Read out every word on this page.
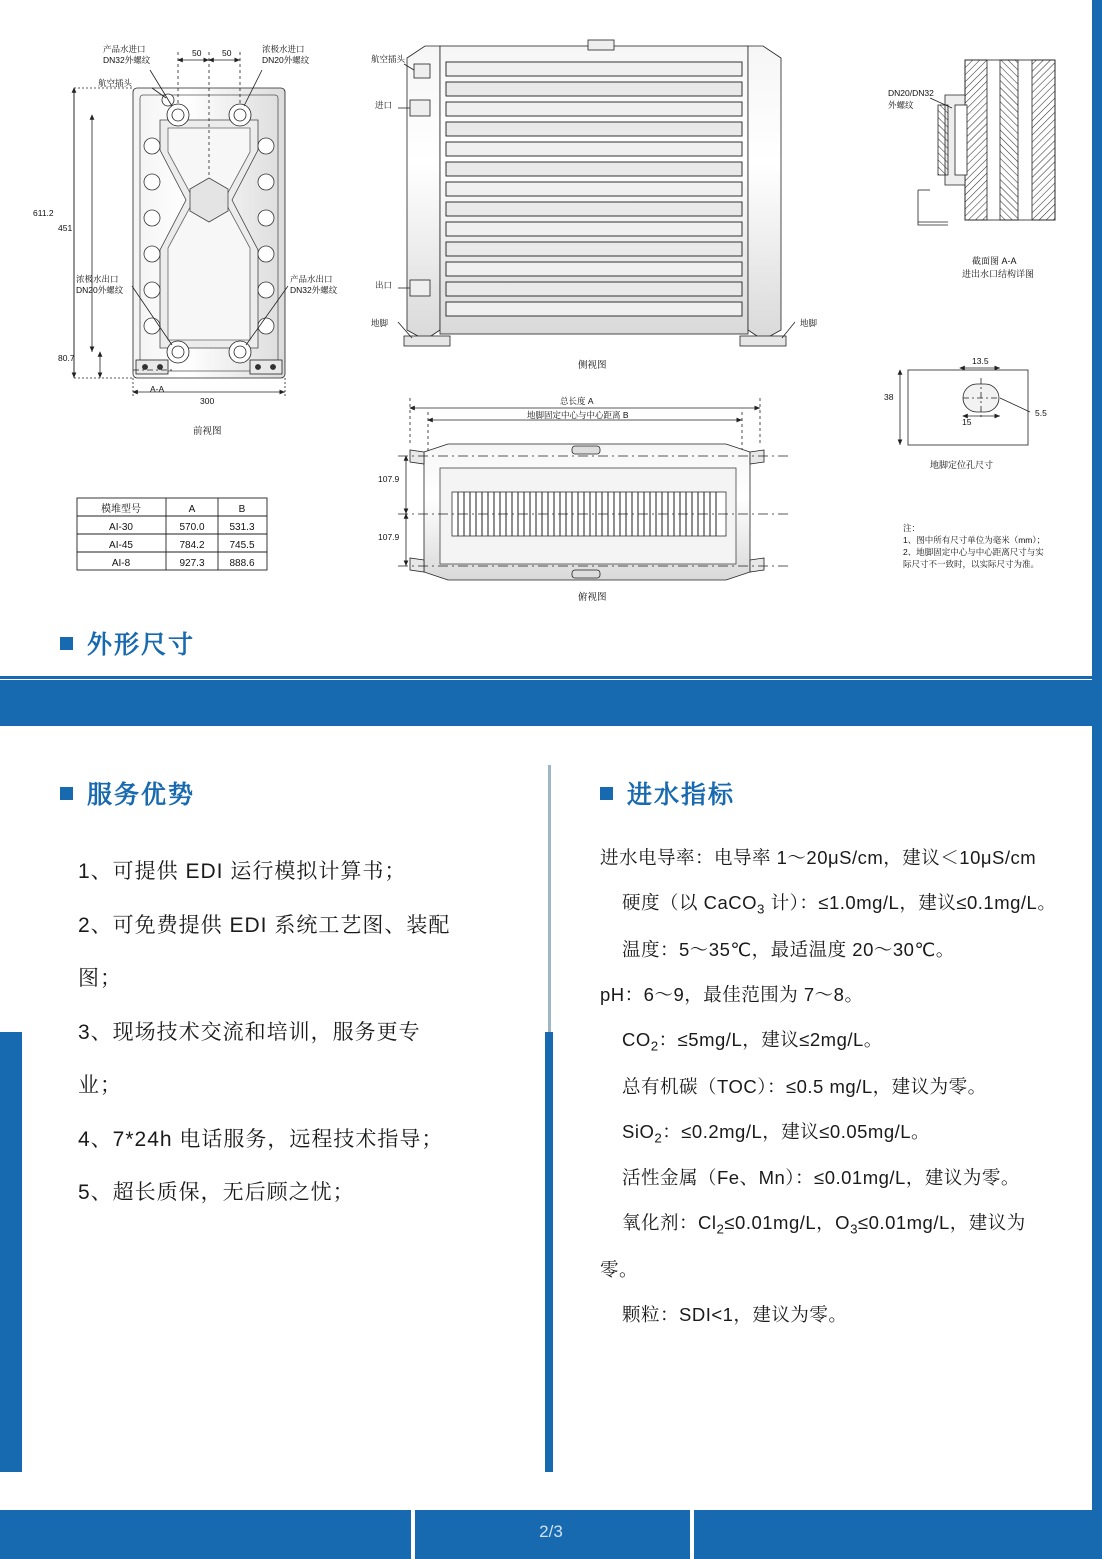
产品水进口
DN32外螺纹
浓极水进口
DN20外螺纹
航空插头
浓极水出口
DN20外螺纹
产品水出口
DN32外螺纹
50 50
611.2
451
80.7
300
A-A
前视图
航空插头
进口
出口
地脚	地脚
侧视图
总长度 A
地脚固定中心与中心距离 B
107.9
107.9
俯视图
DN20/DN32
外螺纹
截面图 A-A
进出水口结构详图
13.5
15
5.5
38
地脚定位孔尺寸
注：
1、图中所有尺寸单位为毫米（mm）；
2、地脚固定中心与中心距离尺寸与实
际尺寸不一致时，以实际尺寸为准。
模堆型号	A	B
AI-30	570.0 531.3
AI-45	784.2 745.5
AI-8	927.3 888.6
外形尺寸
服务优势	进水指标

1、可提供 EDI 运行模拟计算书；

2、可免费提供 EDI 系统工艺图、装配

图；

3、现场技术交流和培训，服务更专

业；

4、7*24h 电话服务，远程技术指导；

5、超长质保，无后顾之忧；

进水电导率：电导率 1～20μS/cm，建议＜10μS/cm

硬度（以 CaCO$_3$ 计）：≤1.0mg/L，建议≤0.1mg/L。

温度：5～35℃，最适温度 20～30℃。

pH：6～9，最佳范围为 7～8。

$CO_2$：≤5mg/L，建议≤2mg/L。

总有机碳（TOC）：≤0.5 mg/L，建议为零。

SiO$_2$：≤0.2mg/L，建议≤0.05mg/L。

活性金属（Fe、Mn）：≤0.01mg/L，建议为零。

氧化剂：$Cl_2\le 0.01mg/L$，$O_3\le 0.01mg/L$，建议为

零。

颗粒：SDI<1，建议为零。

2/3
